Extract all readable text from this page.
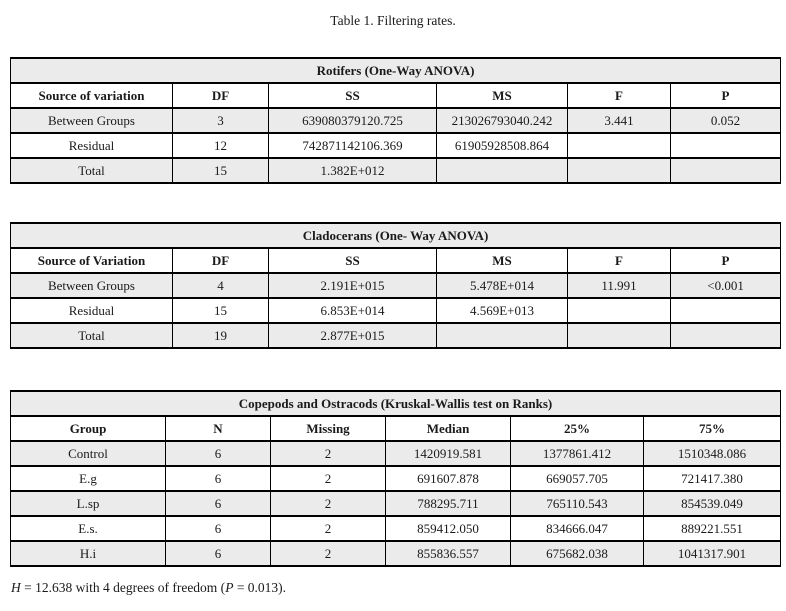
Table 1. Filtering rates.
Rotifers (One-Way ANOVA)					
Source of variation	DF	SS	MS	F	P
Between Groups	3	639080379120.725	213026793040.242	3.441	0.052
Residual	12	742871142106.369	61905928508.864		
Total	15	1.382E+012			
Cladocerans (One- Way ANOVA)					
Source of Variation	DF	SS	MS	F	P
Between Groups	4	2.191E+015	5.478E+014	11.991	<0.001
Residual	15	6.853E+014	4.569E+013		
Total	19	2.877E+015			
Copepods and Ostracods (Kruskal-Wallis test on Ranks)					
Group	N	Missing	Median	25%	75%
Control	6	2	1420919.581	1377861.412	1510348.086
E.g	6	2	691607.878	669057.705	721417.380
L.sp	6	2	788295.711	765110.543	854539.049
E.s.	6	2	859412.050	834666.047	889221.551
H.i	6	2	855836.557	675682.038	1041317.901
H = 12.638 with 4 degrees of freedom (P = 0.013).
